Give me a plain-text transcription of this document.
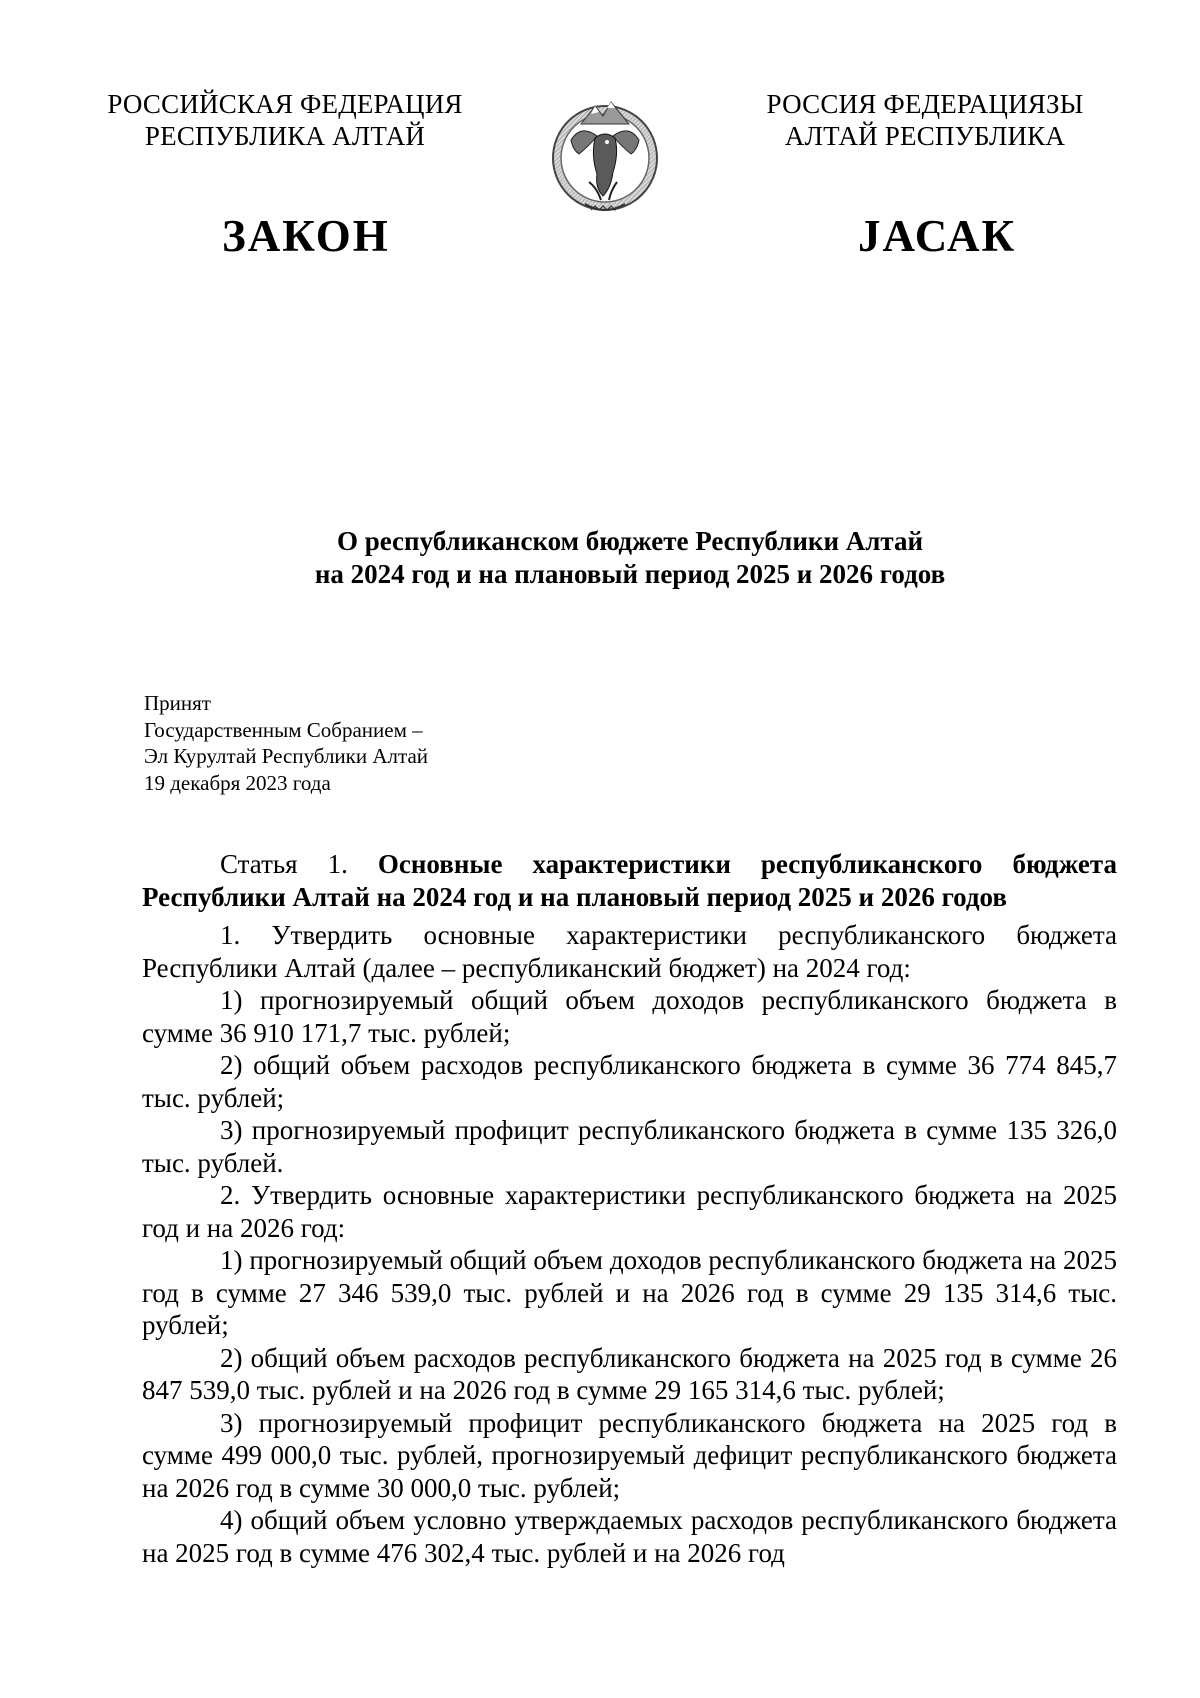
РОССИЙСКАЯ ФЕДЕРАЦИЯ
РЕСПУБЛИКА АЛТАЙ
РОССИЯ ФЕДЕРАЦИЯЗЫ
АЛТАЙ РЕСПУБЛИКА
ЗАКОН	JАСАК
О республиканском бюджете Республики Алтай
на 2024 год и на плановый период 2025 и 2026 годов
Принят
Государственным Собранием –
Эл Курултай Республики Алтай
19 декабря 2023 года
Статья 1. Основные характеристики республиканского бюджета Республики Алтай на 2024 год и на плановый период 2025 и 2026 годов
1. Утвердить основные характеристики республиканского бюджета Республики Алтай (далее – республиканский бюджет) на 2024 год:
1) прогнозируемый общий объем доходов республиканского бюджета в сумме 36 910 171,7 тыс. рублей;
2) общий объем расходов республиканского бюджета в сумме 36 774 845,7 тыс. рублей;
3) прогнозируемый профицит республиканского бюджета в сумме 135 326,0 тыс. рублей.
2. Утвердить основные характеристики республиканского бюджета на 2025 год и на 2026 год:
1) прогнозируемый общий объем доходов республиканского бюджета на 2025 год в сумме 27 346 539,0 тыс. рублей и на 2026 год в сумме 29 135 314,6 тыс. рублей;
2) общий объем расходов республиканского бюджета на 2025 год в сумме 26 847 539,0 тыс. рублей и на 2026 год в сумме 29 165 314,6 тыс. рублей;
3) прогнозируемый профицит республиканского бюджета на 2025 год в сумме 499 000,0 тыс. рублей, прогнозируемый дефицит республиканского бюджета на 2026 год в сумме 30 000,0 тыс. рублей;
4) общий объем условно утверждаемых расходов республиканского бюджета на 2025 год в сумме 476 302,4 тыс. рублей и на 2026 год
